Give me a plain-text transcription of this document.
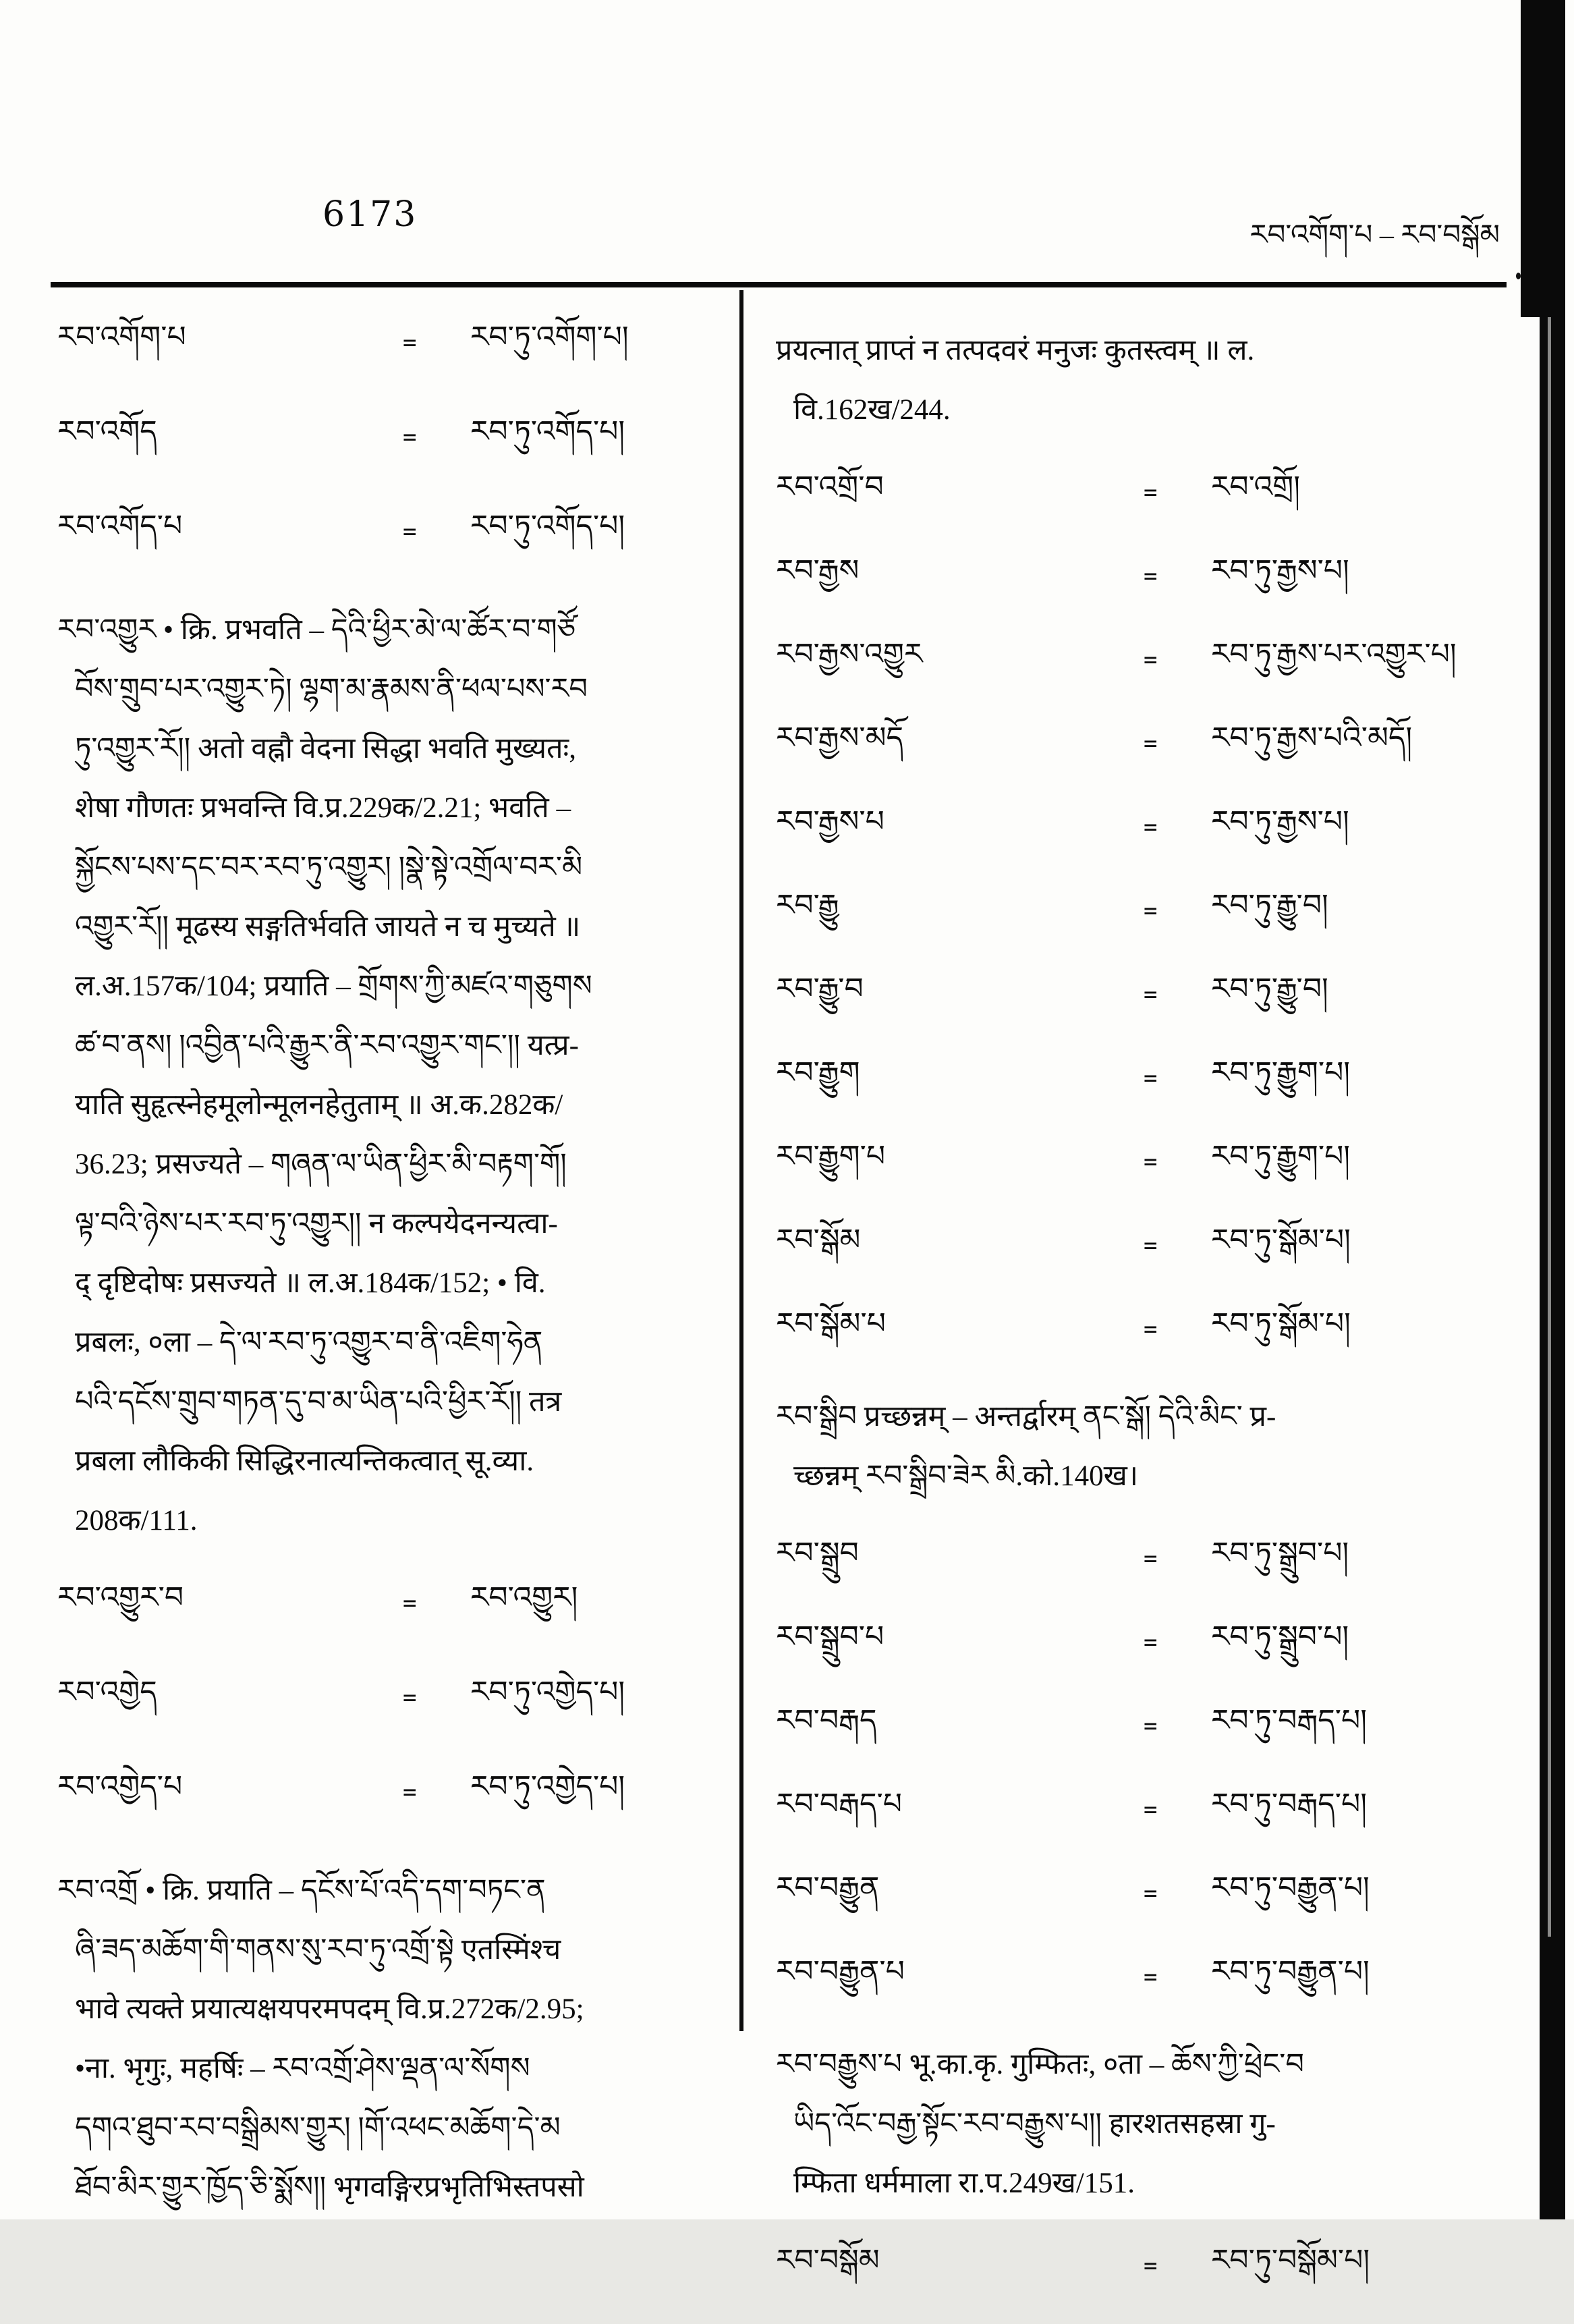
6173
རབ་འགོག་པ – རབ་བསྒོམ
རབ་འགོག་པ	=	རབ་ཏུ་འགོག་པ།
རབ་འགོད	=	རབ་ཏུ་འགོད་པ།
རབ་འགོད་པ	=	རབ་ཏུ་འགོད་པ།

རབ་འགྱུར • क्रि. प्रभवति – དེའི་ཕྱིར་མེ་ལ་ཚོར་བ་གཙོ

བོས་གྲུབ་པར་འགྱུར་ཏེ། ལྷག་མ་རྣམས་ནི་ཕལ་པས་རབ

ཏུ་འགྱུར་རོ།། अतो वह्नौ वेदना सिद्धा भवति मुख्यतः,

शेषा गौणतः प्रभवन्ति वि.प्र.229क/2.21; भवति –

སྐྱོངས་པས་དང་བར་རབ་ཏུ་འགྱུར། །སྣེ་སྟེ་འགྲོལ་བར་མི

འགྱུར་རོ།། मूढस्य सङ्गतिर्भवति जायते न च मुच्यते ॥

ल.अ.157क/104; प्रयाति – གྲོགས་ཀྱི་མཛའ་གཅུགས

ཚ་བ་ནས། །འབྱིན་པའི་རྒྱུར་ནི་རབ་འགྱུར་གང་།། यत्प्र-

याति सुहृत्स्नेहमूलोन्मूलनहेतुताम् ॥ अ.क.282क/

36.23; प्रसज्यते – གཞན་ལ་ཡིན་ཕྱིར་མི་བརྟག་གོ།

ལྟ་བའི་ཉེས་པར་རབ་ཏུ་འགྱུར།། न कल्पयेदनन्यत्वा-

द् दृष्टिदोषः प्रसज्यते ॥ ल.अ.184क/152; • वि.

प्रबलः, ०ला – དེ་ལ་རབ་ཏུ་འགྱུར་བ་ནི་འཇིག་ཧེན

པའི་དངོས་གྲུབ་གཏན་དུ་བ་མ་ཡིན་པའི་ཕྱིར་རོ།། तत्र

प्रबला लौकिकी सिद्धिरनात्यन्तिकत्वात् सू.व्या.

208क/111.

རབ་འགྱུར་བ	=	རབ་འགྱུར།
རབ་འགྱེད	=	རབ་ཏུ་འགྱེད་པ།
རབ་འགྱེད་པ	=	རབ་ཏུ་འགྱེད་པ།

རབ་འགྲོ • क्रि. प्रयाति – དངོས་པོ་འདི་དག་བཏང་ན

ཞི་ཟད་མཆོག་གི་གནས་སུ་རབ་ཏུ་འགྲོ་སྟེ एतस्मिंश्च

भावे त्यक्ते प्रयात्यक्षयपरमपदम् वि.प्र.272क/2.95;

•ना. भृगुः, महर्षिः – རབ་འགྲོ་ཤེས་ལྡན་ལ་སོགས

དགའ་ཐུབ་རབ་བསྒྲིམས་གྱུར། །གོ་འཕང་མཆོག་དེ་མ

ཐོབ་མིར་གྱུར་ཁྱོད་ཅི་སྨོས།། भृगवङ्गिरप्रभृतिभिस्तपसो

प्रयत्नात् प्राप्तं न तत्पदवरं मनुजः कुतस्त्वम् ॥ ल.

वि.162ख/244.

རབ་འགྲོ་བ	=	རབ་འགྲོ།
རབ་རྒྱས	=	རབ་ཏུ་རྒྱས་པ།
རབ་རྒྱས་འགྱུར	=	རབ་ཏུ་རྒྱས་པར་འགྱུར་པ།
རབ་རྒྱས་མདོ	=	རབ་ཏུ་རྒྱས་པའི་མདོ།
རབ་རྒྱས་པ	=	རབ་ཏུ་རྒྱས་པ།
རབ་རྒྱུ	=	རབ་ཏུ་རྒྱུ་བ།
རབ་རྒྱུ་བ	=	རབ་ཏུ་རྒྱུ་བ།
རབ་རྒྱུག	=	རབ་ཏུ་རྒྱུག་པ།
རབ་རྒྱུག་པ	=	རབ་ཏུ་རྒྱུག་པ།
རབ་སྒོམ	=	རབ་ཏུ་སྒོམ་པ།
རབ་སྒོམ་པ	=	རབ་ཏུ་སྒོམ་པ།

རབ་སྒྲིབ प्रच्छन्नम् – अन्तर्द्वारम् ནང་སྒོ། དེའི་མིང་ प्र-

च्छन्नम् རབ་སྒྲིབ་ཟེར མི.को.140ख।

རབ་སྒྲུབ	=	རབ་ཏུ་སྒྲུབ་པ།
རབ་སྒྲུབ་པ	=	རབ་ཏུ་སྒྲུབ་པ།
རབ་བརྒད	=	རབ་ཏུ་བརྒད་པ།
རབ་བརྒད་པ	=	རབ་ཏུ་བརྒད་པ།
རབ་བརྒྱུན	=	རབ་ཏུ་བརྒྱུན་པ།
རབ་བརྒྱུན་པ	=	རབ་ཏུ་བརྒྱུན་པ།

རབ་བརྒྱུས་པ भू.का.कृ. गुम्फितः, ०ता – ཆོས་ཀྱི་ཕྲེང་བ

ཡིད་འོང་བརྒྱ་སྟོང་རབ་བརྒྱུས་པ།། हारशतसहस्रा गु-

म्फिता धर्ममाला रा.प.249ख/151.

རབ་བསྒོམ	=	རབ་ཏུ་བསྒོམ་པ།
